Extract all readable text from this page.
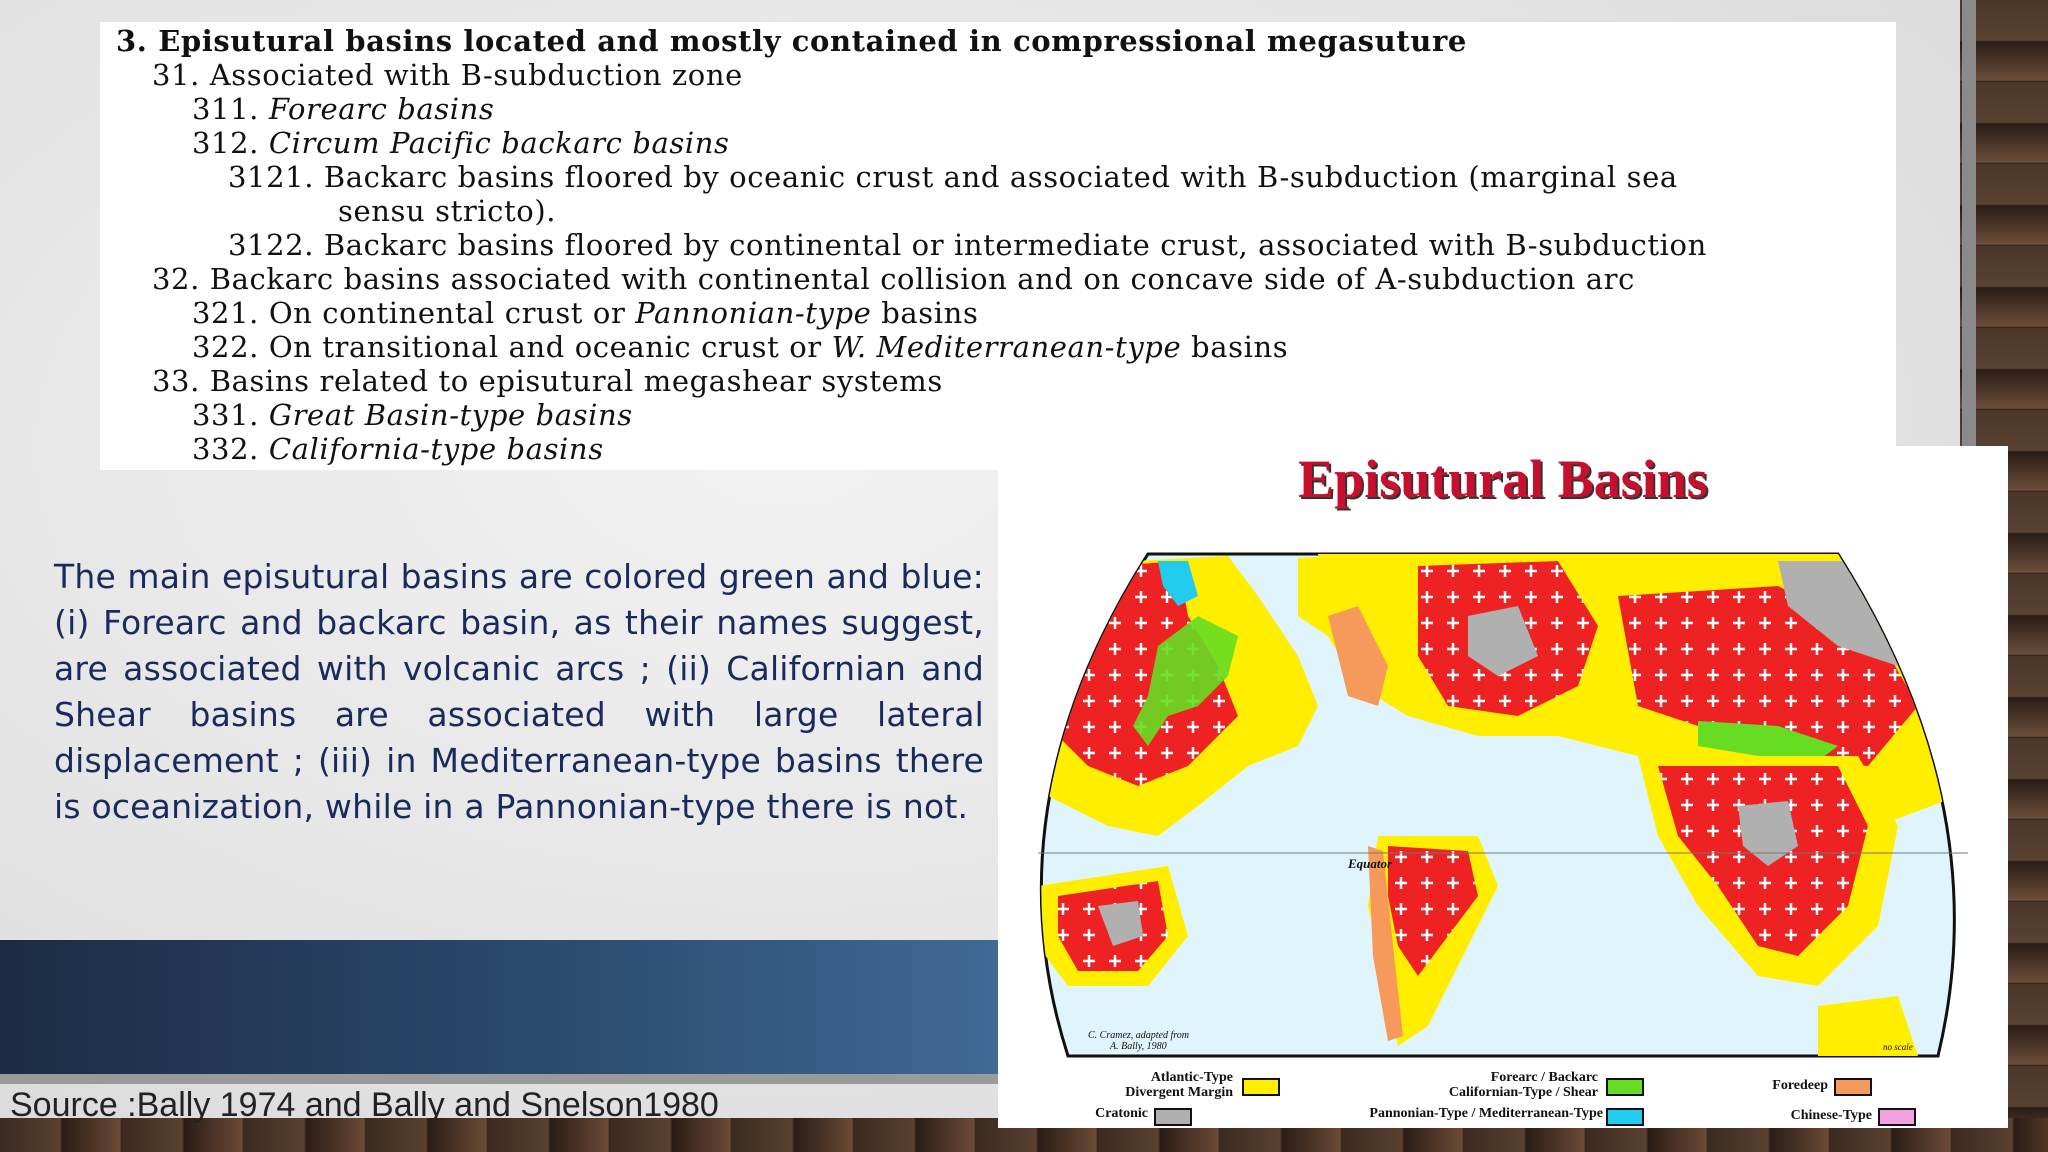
3. Episutural basins located and mostly contained in compressional megasuture
31. Associated with B-subduction zone
311. Forearc basins
312. Circum Pacific backarc basins
3121. Backarc basins floored by oceanic crust and associated with B-subduction (marginal sea
sensu stricto).
3122. Backarc basins floored by continental or intermediate crust, associated with B-subduction
32. Backarc basins associated with continental collision and on concave side of A-subduction arc
321. On continental crust or Pannonian-type basins
322. On transitional and oceanic crust or W. Mediterranean-type basins
33. Basins related to episutural megashear systems
331. Great Basin-type basins
332. California-type basins
The main episutural basins are colored green and blue: (i) Forearc and backarc basin, as their names suggest, are associated with volcanic arcs ; (ii) Californian and Shear basins are associated with large lateral displacement ; (iii) in Mediterranean-type basins there is oceanization, while in a Pannonian-type there is not.
Source :Bally 1974 and Bally and Snelson1980
Episutural Basins
Equator
C. Cramez, adapted from
A. Bally, 1980	no scale
Atlantic-Type
Divergent Margin
Cratonic
Forearc / Backarc
Californian-Type / Shear
Pannonian-Type / Mediterranean-Type
Foredeep
Chinese-Type
